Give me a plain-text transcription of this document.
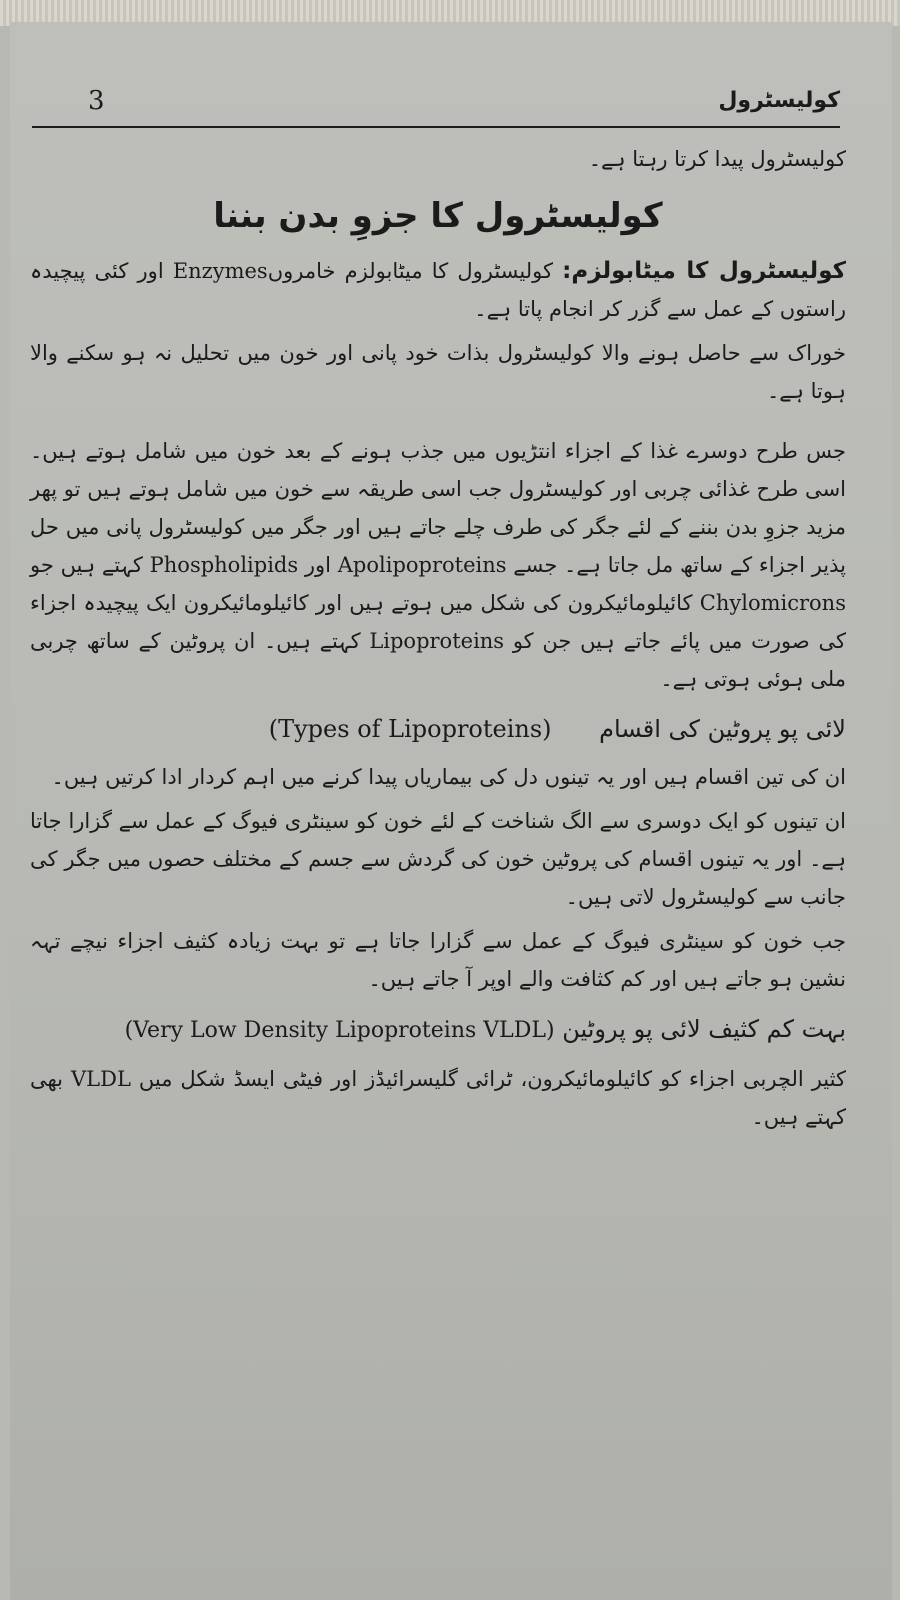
3	کولیسٹرول

کولیسٹرول پیدا کرتا رہتا ہے۔

کولیسٹرول کا جزوِ بدن بننا

کولیسٹرول کا میٹابولزم: کولیسٹرول کا میٹابولزم خامروںEnzymes اور کئی پیچیدہ راستوں کے عمل سے گزر کر انجام پاتا ہے۔

خوراک سے حاصل ہونے والا کولیسٹرول بذات خود پانی اور خون میں تحلیل نہ ہو سکنے والا ہوتا ہے۔

جس طرح دوسرے غذا کے اجزاء انتڑیوں میں جذب ہونے کے بعد خون میں شامل ہوتے ہیں۔ اسی طرح غذائی چربی اور کولیسٹرول جب اسی طریقہ سے خون میں شامل ہوتے ہیں تو پھر مزید جزوِ بدن بننے کے لئے جگر کی طرف چلے جاتے ہیں اور جگر میں کولیسٹرول پانی میں حل پذیر اجزاء کے ساتھ مل جاتا ہے۔ جسے Apolipoproteins اور Phospholipids کہتے ہیں جو Chylomicrons کائیلومائیکرون کی شکل میں ہوتے ہیں اور کائیلومائیکرون ایک پیچیدہ اجزاء کی صورت میں پائے جاتے ہیں جن کو Lipoproteins کہتے ہیں۔ ان پروٹین کے ساتھ چربی ملی ہوئی ہوتی ہے۔

لائی پو پروٹین کی اقسام (Types of Lipoproteins)

ان کی تین اقسام ہیں اور یہ تینوں دل کی بیماریاں پیدا کرنے میں اہم کردار ادا کرتیں ہیں۔

ان تینوں کو ایک دوسری سے الگ شناخت کے لئے خون کو سینٹری فیوگ کے عمل سے گزارا جاتا ہے۔ اور یہ تینوں اقسام کی پروٹین خون کی گردش سے جسم کے مختلف حصوں میں جگر کی جانب سے کولیسٹرول لاتی ہیں۔

جب خون کو سینٹری فیوگ کے عمل سے گزارا جاتا ہے تو بہت زیادہ کثیف اجزاء نیچے تہہ نشین ہو جاتے ہیں اور کم کثافت والے اوپر آ جاتے ہیں۔

بہت کم کثیف لائی پو پروٹین (Very Low Density Lipoproteins VLDL)

کثیر الچربی اجزاء کو کائیلومائیکرون، ٹرائی گلیسرائیڈز اور فیٹی ایسڈ شکل میں VLDL بھی کہتے ہیں۔
